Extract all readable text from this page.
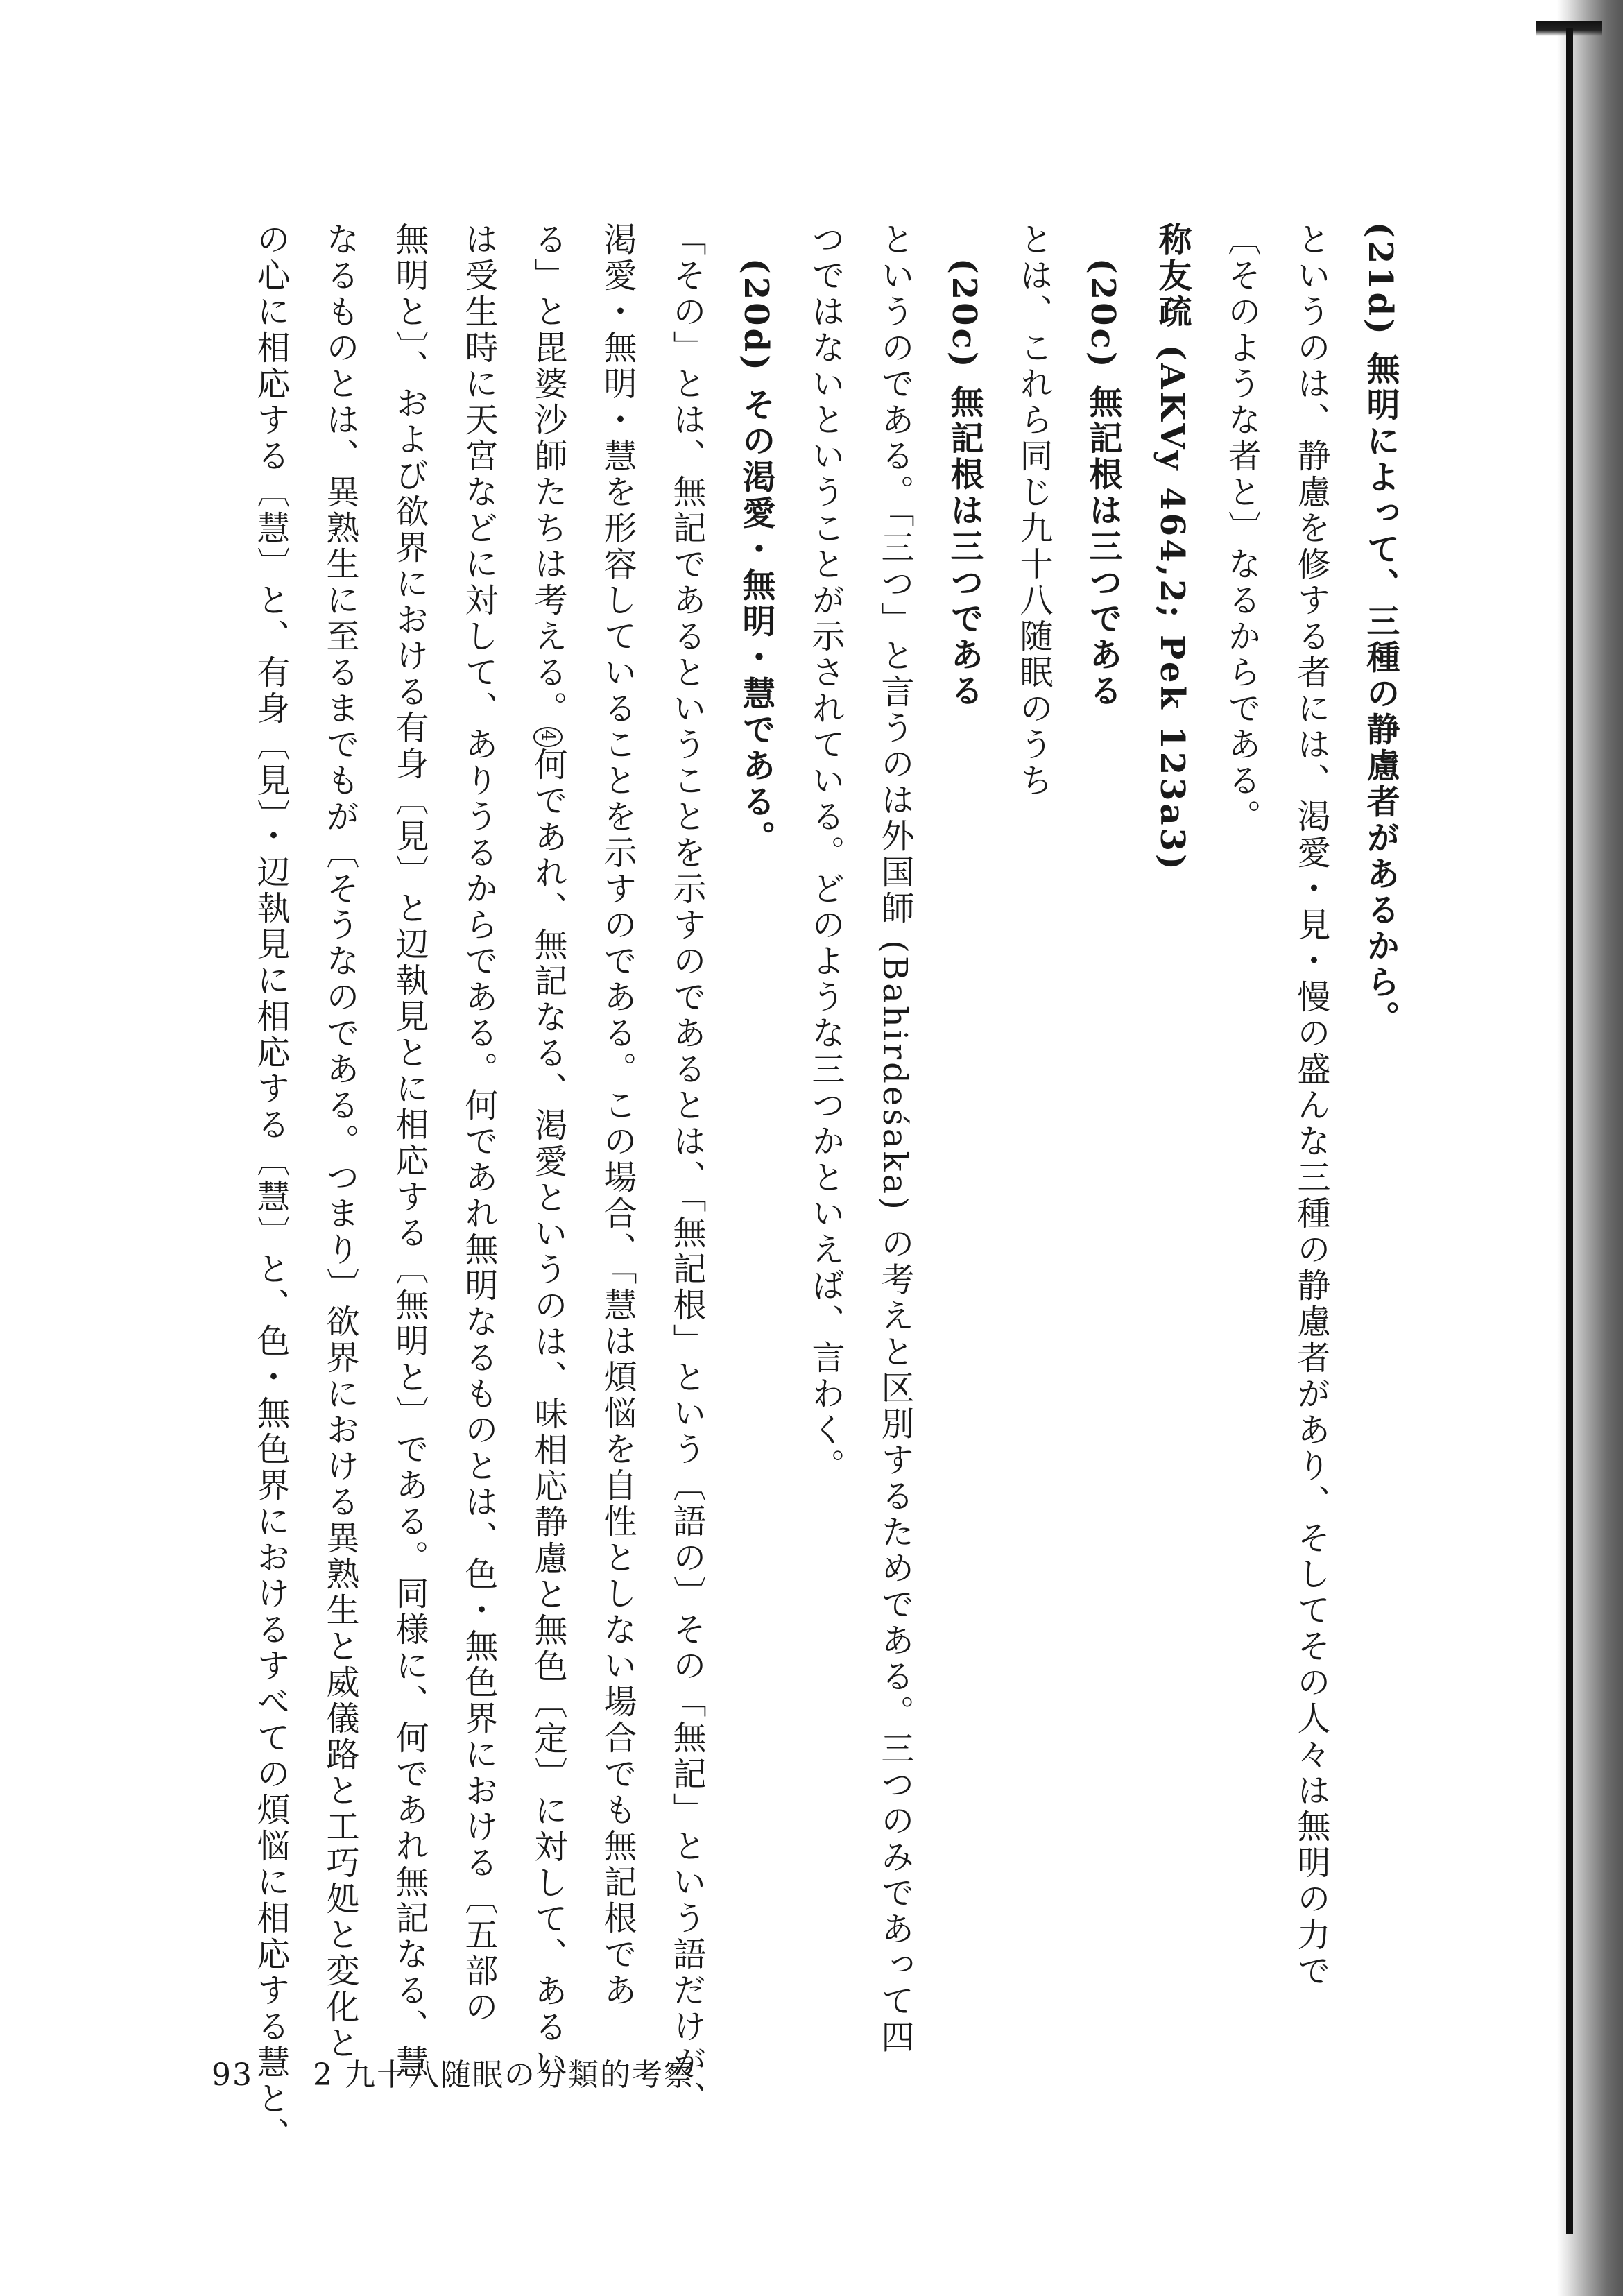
(21d) 無明によって、三種の静慮者があるから。
というのは、静慮を修する者には、渇愛・見・慢の盛んな三種の静慮者があり、そしてその人々は無明の力で
〔そのような者と〕なるからである。
称友疏 (AKVy 464,2; Pek 123a3)
(20c) 無記根は三つである
とは、これら同じ九十八随眠のうち
(20c) 無記根は三つである
というのである。「三つ」と言うのは外国師 (Bahirdeśaka) の考えと区別するためである。三つのみであって四
つではないということが示されている。どのような三つかといえば、言わく。
(20d) その渇愛・無明・慧である。
「その」とは、無記であるということを示すのであるとは、「無記根」という〔語の〕その「無記」という語だけが、
渇愛・無明・慧を形容していることを示すのである。この場合、「慧は煩悩を自性としない場合でも無記根であ
る」と毘婆沙師たちは考える。$^4$何であれ、無記なる、渇愛というのは、味相応静慮と無色〔定〕に対して、あるい
は受生時に天宮などに対して、ありうるからである。何であれ無明なるものとは、色・無色界における〔五部の
無明と〕、および欲界における有身〔見〕と辺執見とに相応する〔無明と〕である。同様に、何であれ無記なる、慧
なるものとは、異熟生に至るまでもが〔そうなのである。つまり〕欲界における異熟生と威儀路と工巧処と変化と
の心に相応する〔慧〕と、有身〔見〕・辺執見に相応する〔慧〕と、色・無色界におけるすべての煩悩に相応する慧と、
93 2 九十八随眠の分類的考察
